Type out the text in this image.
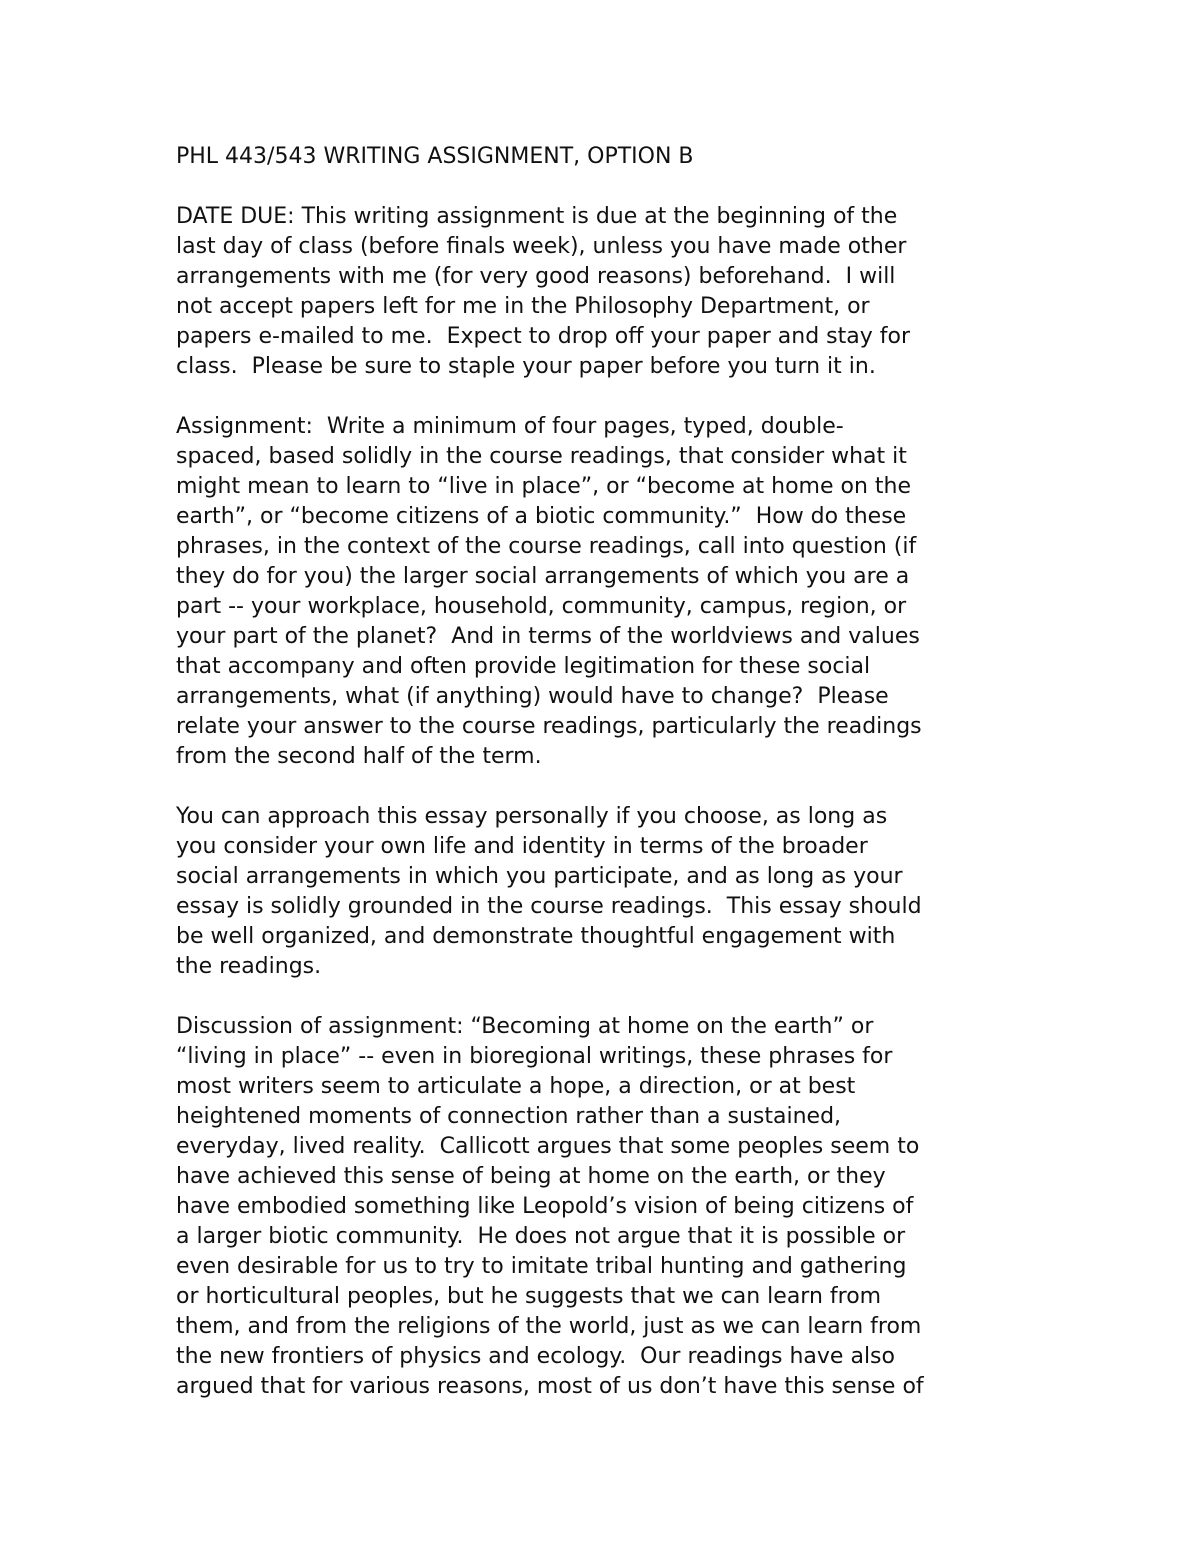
PHL 443/543 WRITING ASSIGNMENT, OPTION B
DATE DUE: This writing assignment is due at the beginning of the
last day of class (before finals week), unless you have made other
arrangements with me (for very good reasons) beforehand.  I will
not accept papers left for me in the Philosophy Department, or
papers e-mailed to me.  Expect to drop off your paper and stay for
class.  Please be sure to staple your paper before you turn it in.
Assignment:  Write a minimum of four pages, typed, double-
spaced, based solidly in the course readings, that consider what it
might mean to learn to “live in place”, or “become at home on the
earth”, or “become citizens of a biotic community.”  How do these
phrases, in the context of the course readings, call into question (if
they do for you) the larger social arrangements of which you are a
part -- your workplace, household, community, campus, region, or
your part of the planet?  And in terms of the worldviews and values
that accompany and often provide legitimation for these social
arrangements, what (if anything) would have to change?  Please
relate your answer to the course readings, particularly the readings
from the second half of the term.
You can approach this essay personally if you choose, as long as
you consider your own life and identity in terms of the broader
social arrangements in which you participate, and as long as your
essay is solidly grounded in the course readings.  This essay should
be well organized, and demonstrate thoughtful engagement with
the readings.
Discussion of assignment: “Becoming at home on the earth” or
“living in place” -- even in bioregional writings, these phrases for
most writers seem to articulate a hope, a direction, or at best
heightened moments of connection rather than a sustained,
everyday, lived reality.  Callicott argues that some peoples seem to
have achieved this sense of being at home on the earth, or they
have embodied something like Leopold’s vision of being citizens of
a larger biotic community.  He does not argue that it is possible or
even desirable for us to try to imitate tribal hunting and gathering
or horticultural peoples, but he suggests that we can learn from
them, and from the religions of the world, just as we can learn from
the new frontiers of physics and ecology.  Our readings have also
argued that for various reasons, most of us don’t have this sense of
